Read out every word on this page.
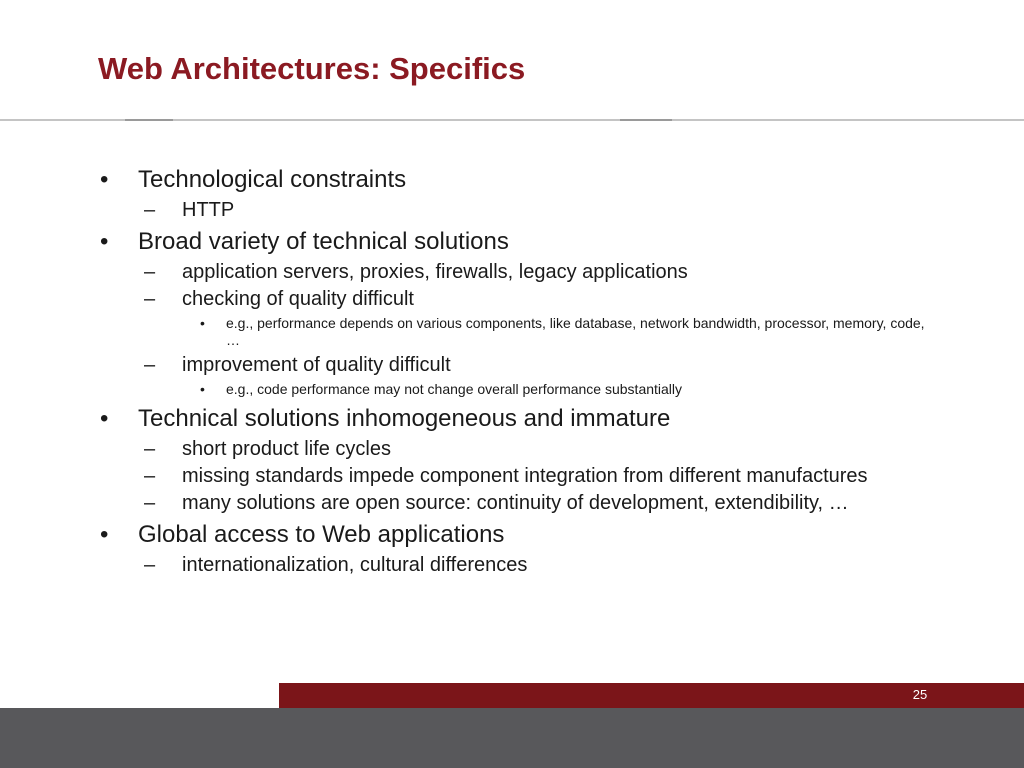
Web Architectures: Specifics
• Technological constraints
– HTTP
• Broad variety of technical solutions
– application servers, proxies, firewalls, legacy applications
– checking of quality difficult
• e.g., performance depends on various components, like database, network bandwidth, processor, memory, code, …
– improvement of quality difficult
• e.g., code performance may not change overall performance substantially
• Technical solutions inhomogeneous and immature
– short product life cycles
– missing standards impede component integration from different manufactures
– many solutions are open source: continuity of development, extendibility, …
• Global access to Web applications
– internationalization, cultural differences
25
